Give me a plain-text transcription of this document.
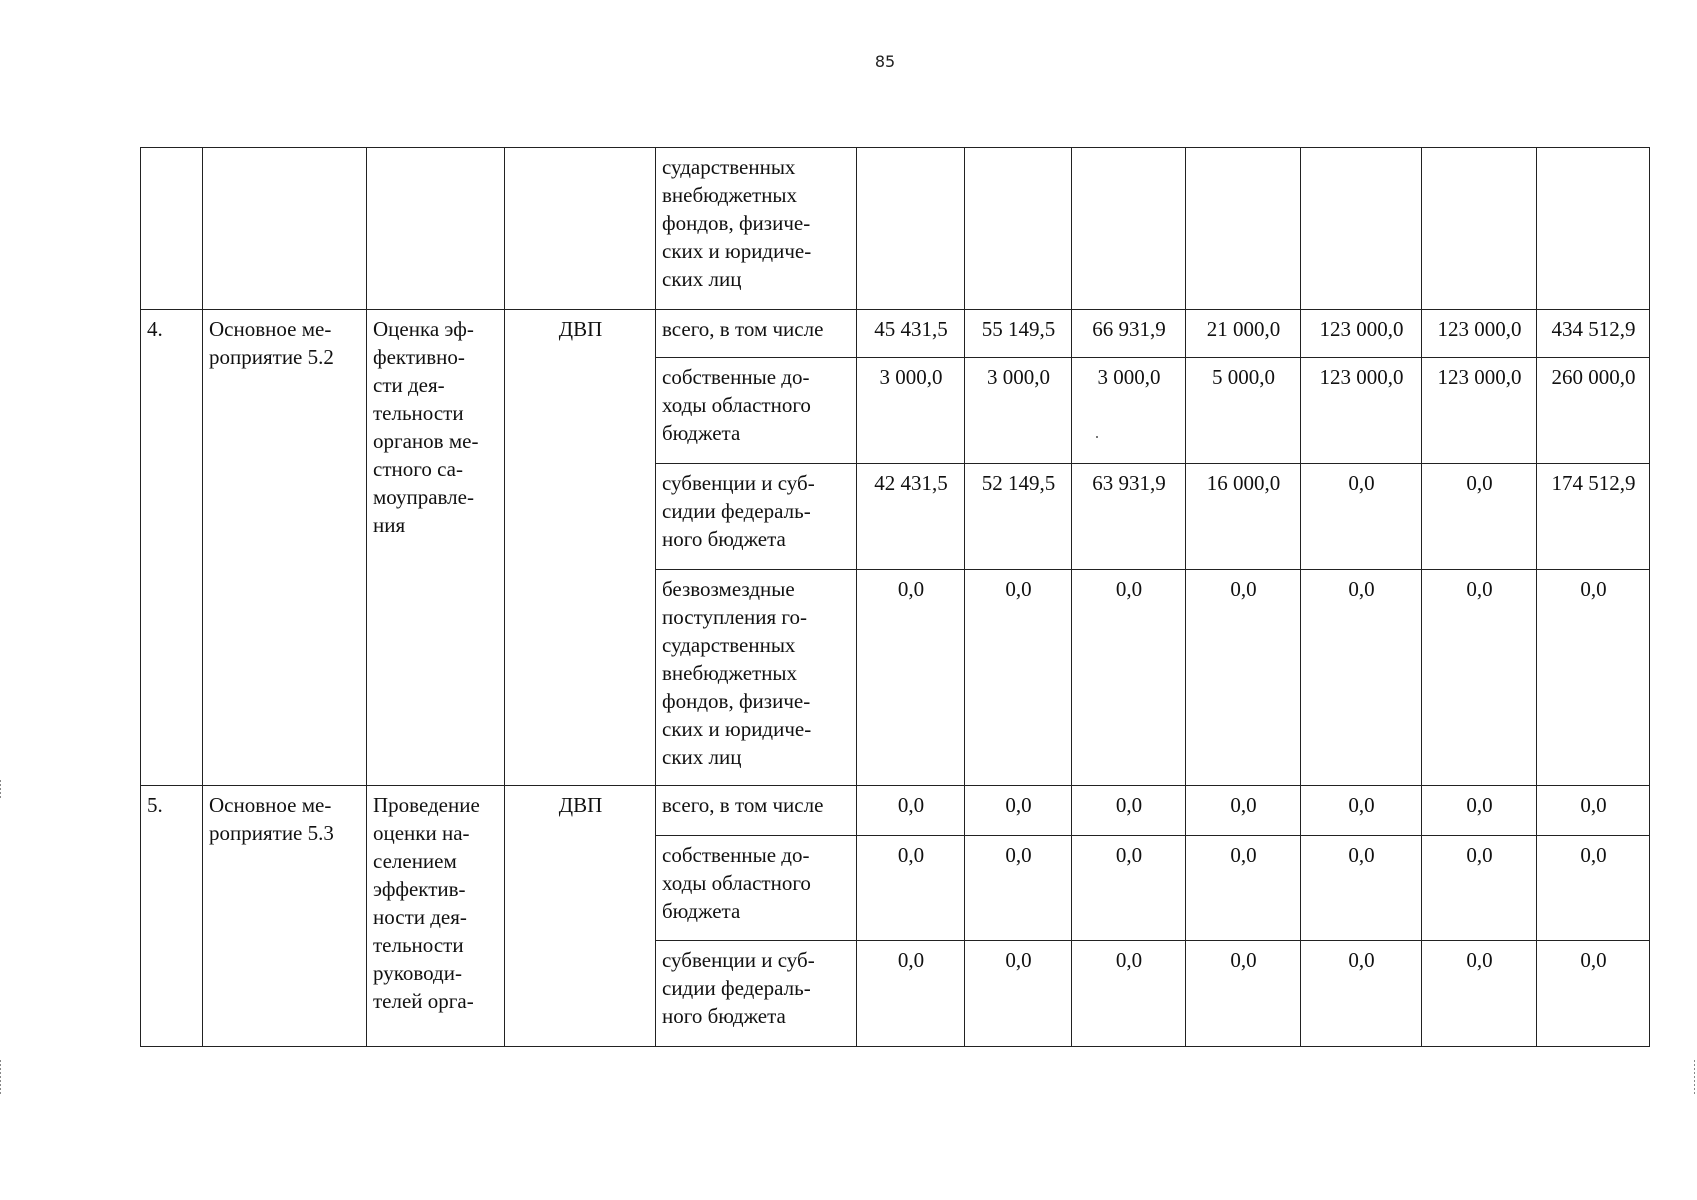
85
				сударственных внебюджетных фондов, физиче- ских и юридиче- ских лиц							
4.	Основное ме- роприятие 5.2	Оценка эф- фективно- сти дея- тельности органов ме- стного са- моуправле- ния	ДВП	всего, в том числе	45 431,5	55 149,5	66 931,9	21 000,0	123 000,0	123 000,0	434 512,9
				собственные до- ходы областного бюджета	3 000,0	3 000,0	3 000,0	5 000,0	123 000,0	123 000,0	260 000,0
				субвенции и суб- сидии федераль- ного бюджета	42 431,5	52 149,5	63 931,9	16 000,0	0,0	0,0	174 512,9
				безвозмездные поступления го- сударственных внебюджетных фондов, физиче- ских и юридиче- ских лиц	0,0	0,0	0,0	0,0	0,0	0,0	0,0
5.	Основное ме- роприятие 5.3	Проведение оценки на- селением эффектив- ности дея- тельности руководи- телей орга-	ДВП	всего, в том числе	0,0	0,0	0,0	0,0	0,0	0,0	0,0
				собственные до- ходы областного бюджета	0,0	0,0	0,0	0,0	0,0	0,0	0,0
				субвенции и суб- сидии федераль- ного бюджета	0,0	0,0	0,0	0,0	0,0	0,0	0,0
